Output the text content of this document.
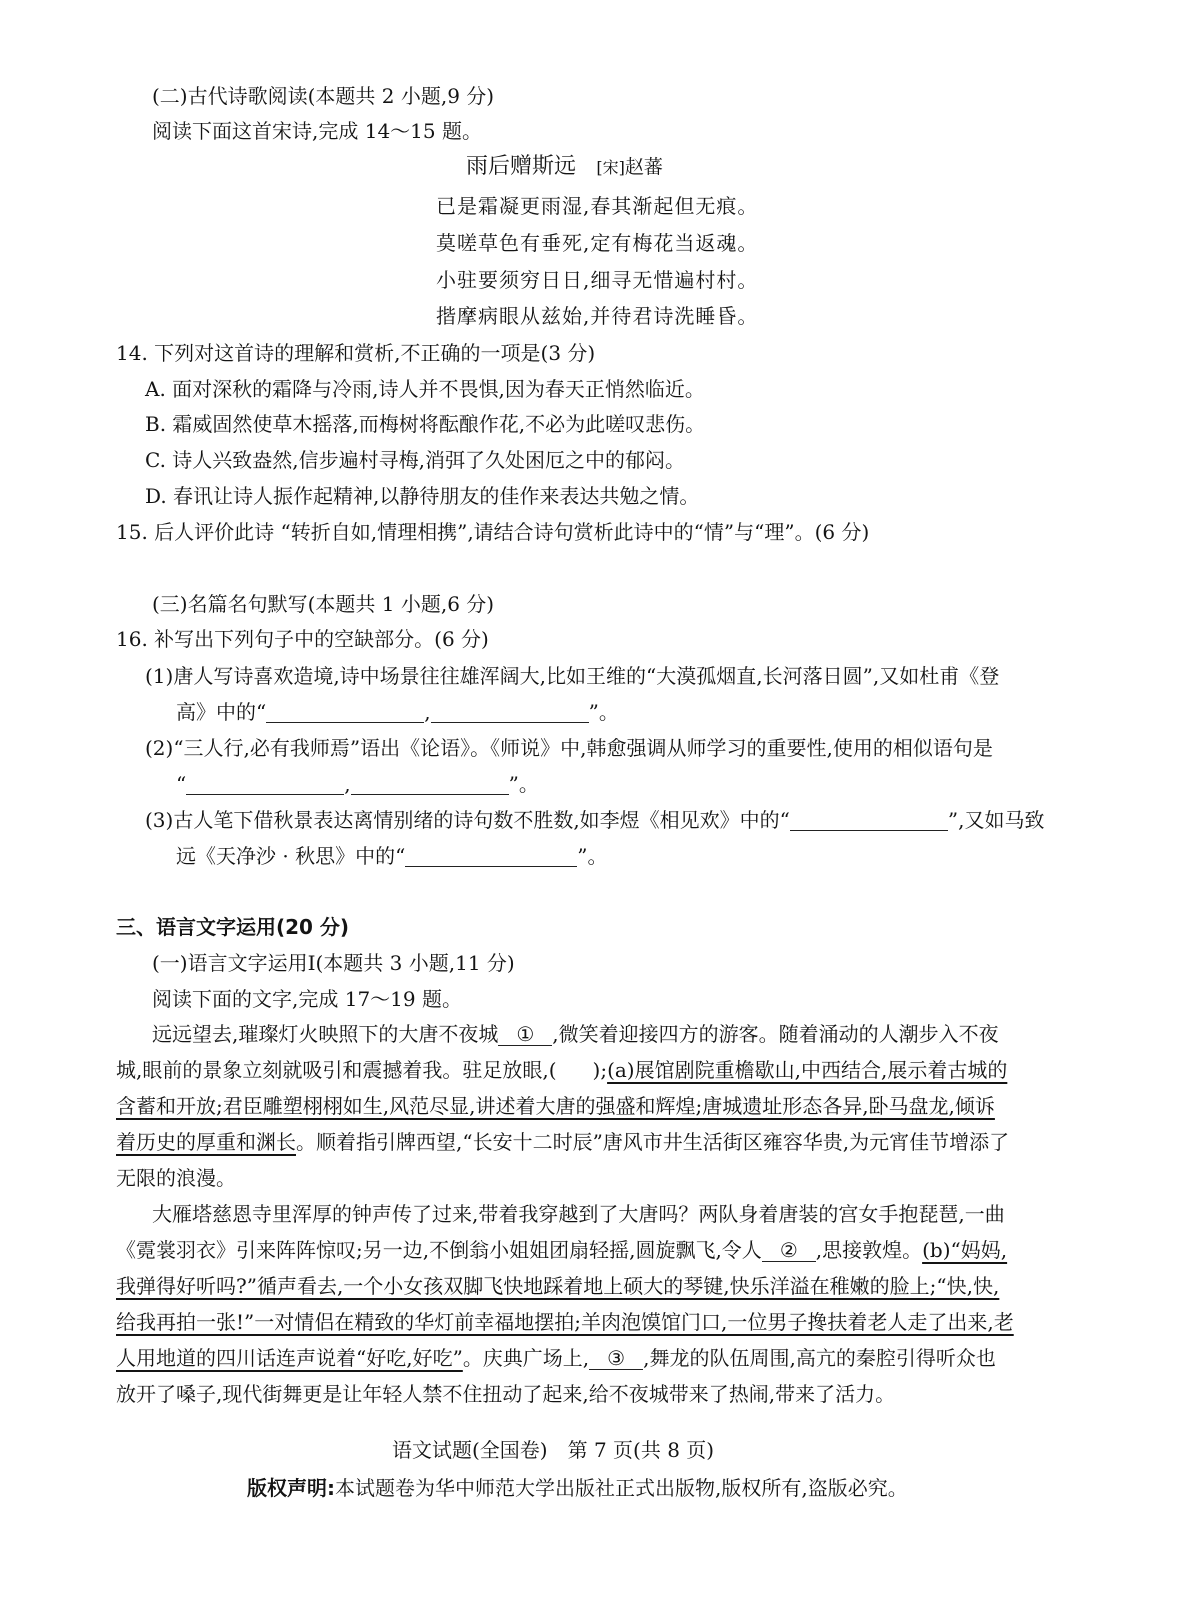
(二)古代诗歌阅读(本题共 2 小题,9 分)
阅读下面这首宋诗,完成 14～15 题。
雨后赠斯远 [宋]赵蕃
已是霜凝更雨湿,春其渐起但无痕。
莫嗟草色有垂死,定有梅花当返魂。
小驻要须穷日日,细寻无惜遍村村。
揩摩病眼从兹始,并待君诗洗睡昏。
14. 下列对这首诗的理解和赏析,不正确的一项是(3 分)
A. 面对深秋的霜降与冷雨,诗人并不畏惧,因为春天正悄然临近。
B. 霜威固然使草木摇落,而梅树将酝酿作花,不必为此嗟叹悲伤。
C. 诗人兴致盎然,信步遍村寻梅,消弭了久处困厄之中的郁闷。
D. 春讯让诗人振作起精神,以静待朋友的佳作来表达共勉之情。
15. 后人评价此诗 “转折自如,情理相携”,请结合诗句赏析此诗中的“情”与“理”。(6 分)
(三)名篇名句默写(本题共 1 小题,6 分)
16. 补写出下列句子中的空缺部分。(6 分)
(1)唐人写诗喜欢造境,诗中场景往往雄浑阔大,比如王维的“大漠孤烟直,长河落日圆”,又如杜甫《登
高》中的“	,	”。
(2)“三人行,必有我师焉”语出《论语》。《师说》中,韩愈强调从师学习的重要性,使用的相似语句是
“	,	”。
(3)古人笔下借秋景表达离情别绪的诗句数不胜数,如李煜《相见欢》中的“	”,又如马致
远《天净沙 · 秋思》中的“	”。
三、语言文字运用(20 分)
(一)语言文字运用Ⅰ(本题共 3 小题,11 分)
阅读下面的文字,完成 17～19 题。
远远望去,璀璨灯火映照下的大唐不夜城 ① ,微笑着迎接四方的游客。随着涌动的人潮步入不夜
城,眼前的景象立刻就吸引和震撼着我。驻足放眼,( );(a)展馆剧院重檐歇山,中西结合,展示着古城的
含蓄和开放;君臣雕塑栩栩如生,风范尽显,讲述着大唐的强盛和辉煌;唐城遗址形态各异,卧马盘龙,倾诉
着历史的厚重和渊长。顺着指引牌西望,“长安十二时辰”唐风市井生活街区雍容华贵,为元宵佳节增添了
无限的浪漫。
大雁塔慈恩寺里浑厚的钟声传了过来,带着我穿越到了大唐吗？两队身着唐装的宫女手抱琵琶,一曲
《霓裳羽衣》引来阵阵惊叹;另一边,不倒翁小姐姐团扇轻摇,圆旋飘飞,令人 ② ,思接敦煌。(b)“妈妈,
我弹得好听吗?”循声看去,一个小女孩双脚飞快地踩着地上硕大的琴键,快乐洋溢在稚嫩的脸上;“快,快,
给我再拍一张!”一对情侣在精致的华灯前幸福地摆拍;羊肉泡馍馆门口,一位男子搀扶着老人走了出来,老
人用地道的四川话连声说着“好吃,好吃”。庆典广场上, ③ ,舞龙的队伍周围,高亢的秦腔引得听众也
放开了嗓子,现代街舞更是让年轻人禁不住扭动了起来,给不夜城带来了热闹,带来了活力。
语文试题(全国卷)　第 7 页(共 8 页)
版权声明:本试题卷为华中师范大学出版社正式出版物,版权所有,盗版必究。
